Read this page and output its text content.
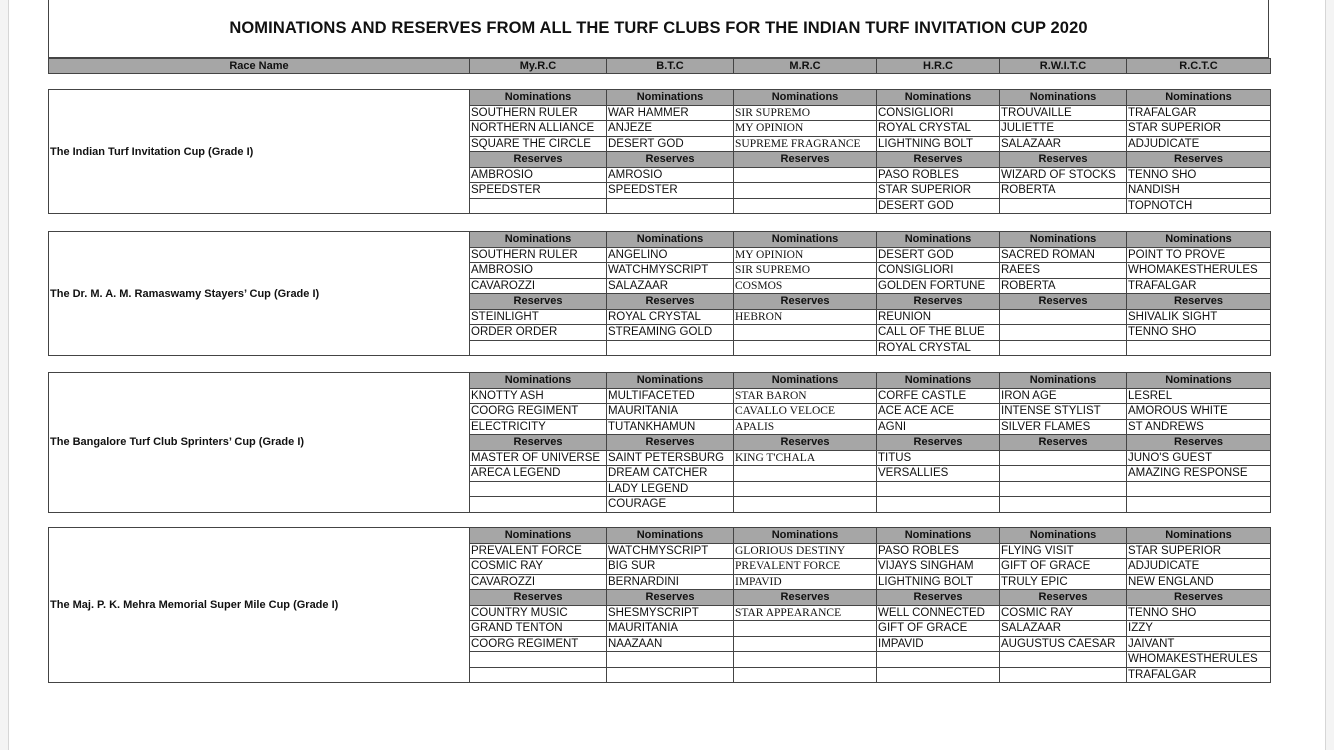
NOMINATIONS AND RESERVES FROM ALL THE TURF CLUBS FOR THE INDIAN TURF INVITATION CUP 2020
Race Name	My.R.C	B.T.C	M.R.C	H.R.C	R.W.I.T.C	R.C.T.C
The Indian Turf Invitation Cup (Grade I)	Nominations	Nominations	Nominations	Nominations	Nominations	Nominations
	SOUTHERN RULER	WAR HAMMER	SIR SUPREMO	CONSIGLIORI	TROUVAILLE	TRAFALGAR
	NORTHERN ALLIANCE	ANJEZE	MY OPINION	ROYAL CRYSTAL	JULIETTE	STAR SUPERIOR
	SQUARE THE CIRCLE	DESERT GOD	SUPREME FRAGRANCE	LIGHTNING BOLT	SALAZAAR	ADJUDICATE
	Reserves	Reserves	Reserves	Reserves	Reserves	Reserves
	AMBROSIO	AMROSIO		PASO ROBLES	WIZARD OF STOCKS	TENNO SHO
	SPEEDSTER	SPEEDSTER		STAR SUPERIOR	ROBERTA	NANDISH
				DESERT GOD		TOPNOTCH
The Dr. M. A. M. Ramaswamy Stayers’ Cup (Grade I)	Nominations	Nominations	Nominations	Nominations	Nominations	Nominations
	SOUTHERN RULER	ANGELINO	MY OPINION	DESERT GOD	SACRED ROMAN	POINT TO PROVE
	AMBROSIO	WATCHMYSCRIPT	SIR SUPREMO	CONSIGLIORI	RAEES	WHOMAKESTHERULES
	CAVAROZZI	SALAZAAR	COSMOS	GOLDEN FORTUNE	ROBERTA	TRAFALGAR
	Reserves	Reserves	Reserves	Reserves	Reserves	Reserves
	STEINLIGHT	ROYAL CRYSTAL	HEBRON	REUNION		SHIVALIK SIGHT
	ORDER ORDER	STREAMING GOLD		CALL OF THE BLUE		TENNO SHO
				ROYAL CRYSTAL		
The Bangalore Turf Club Sprinters’ Cup (Grade I)	Nominations	Nominations	Nominations	Nominations	Nominations	Nominations
	KNOTTY ASH	MULTIFACETED	STAR BARON	CORFE CASTLE	IRON AGE	LESREL
	COORG REGIMENT	MAURITANIA	CAVALLO VELOCE	ACE ACE ACE	INTENSE STYLIST	AMOROUS WHITE
	ELECTRICITY	TUTANKHAMUN	APALIS	AGNI	SILVER FLAMES	ST ANDREWS
	Reserves	Reserves	Reserves	Reserves	Reserves	Reserves
	MASTER OF UNIVERSE	SAINT PETERSBURG	KING T'CHALA	TITUS		JUNO'S GUEST
	ARECA LEGEND	DREAM CATCHER		VERSALLIES		AMAZING RESPONSE
		LADY LEGEND				
		COURAGE				
The Maj. P. K. Mehra Memorial Super Mile Cup (Grade I)	Nominations	Nominations	Nominations	Nominations	Nominations	Nominations
	PREVALENT FORCE	WATCHMYSCRIPT	GLORIOUS DESTINY	PASO ROBLES	FLYING VISIT	STAR SUPERIOR
	COSMIC RAY	BIG SUR	PREVALENT FORCE	VIJAYS SINGHAM	GIFT OF GRACE	ADJUDICATE
	CAVAROZZI	BERNARDINI	IMPAVID	LIGHTNING BOLT	TRULY EPIC	NEW ENGLAND
	Reserves	Reserves	Reserves	Reserves	Reserves	Reserves
	COUNTRY MUSIC	SHESMYSCRIPT	STAR APPEARANCE	WELL CONNECTED	COSMIC RAY	TENNO SHO
	GRAND TENTON	MAURITANIA		GIFT OF GRACE	SALAZAAR	IZZY
	COORG REGIMENT	NAAZAAN		IMPAVID	AUGUSTUS CAESAR	JAIVANT
						WHOMAKESTHERULES
						TRAFALGAR
